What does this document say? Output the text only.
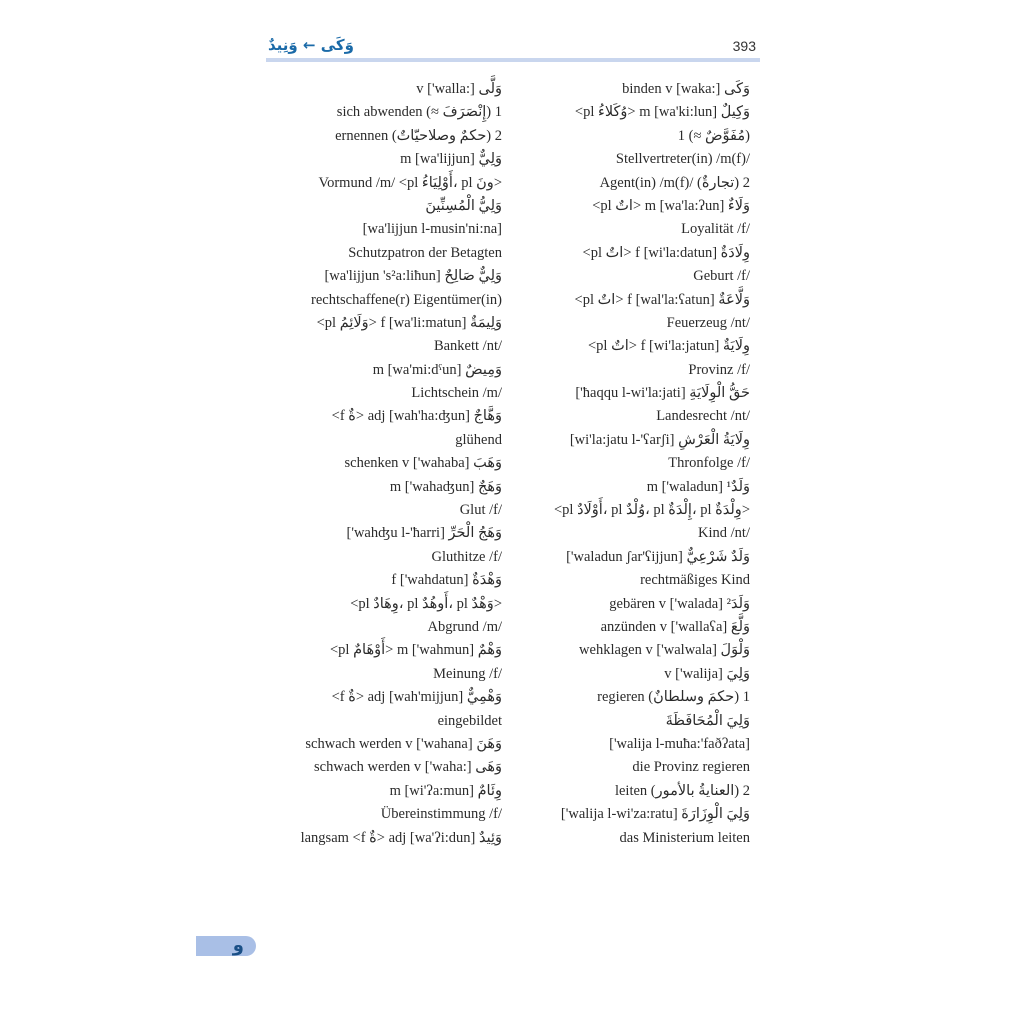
وَكَى ← وَنِيدٌ	393
binden v [waka:] وَكَى
<pl وُكَلاءُ> m [wa'ki:lun] وَكِيلٌ
1 (≈ مُفَوَّضٌ)
Stellvertreter(in) /m(f)/
Agent(in) /m(f)/ (تجارةٌ) 2
<pl اتٌ> m [wa'la:ʔun] وَلَاءٌ
Loyalität /f/
<pl اتٌ> f [wi'la:datun] وِلَادَةٌ
Geburt /f/
<pl اتٌ> f [wal'la:ʕatun] وَلَّاعَةٌ
Feuerzeug /nt/
<pl اتٌ> f [wi'la:jatun] وِلَايَةٌ
Provinz /f/
['ħaqqu l-wi'la:jati] حَقُّ الْوِلَايَةِ
Landesrecht /nt/
[wi'la:jatu l-'ʕarʃi] وِلَايَةُ الْعَرْشِ
Thronfolge /f/
m ['waladun] وَلَدٌ¹
<pl أَوْلَادٌ، pl وُلْدٌ، pl إِلْدَةٌ، pl وِلْدَةٌ>
Kind /nt/
['waladun ʃar'ʕijjun] وَلَدٌ شَرْعِيٌّ
rechtmäßiges Kind
gebären v ['walada] وَلَدَ²
anzünden v ['wallaʕa] وَلَّعَ
wehklagen v ['walwala] وَلْوَلَ
v ['walija] وَلِيَ
regieren (حكمَ وسلطانٌ) 1
وَلِيَ الْمُحَافَظَةَ
['walija l-muħa:'faðʔata]
die Provinz regieren
leiten (العنايةُ بالأمور) 2
['walija l-wi'za:ratu] وَلِيَ الْوِزَارَةَ
das Ministerium leiten
v ['walla:] وَلَّى
sich abwenden (≈ إِنْصَرَفَ) 1
ernennen (حكمٌ وصلاحيّاتٌ) 2
m [wa'lijjun] وَلِيٌّ
Vormund /m/ <pl أَوْلِيَاءُ، pl ونَ>
وَلِيُّ الْمُسِنِّينَ
[wa'lijjun l-musin'ni:na]
Schutzpatron der Betagten
[wa'lijjun 's²a:liħun] وَلِيٌّ صَالِحٌ
rechtschaffene(r) Eigentümer(in)
<pl وَلَائِمُ> f [wa'li:matun] وَلِيمَةٌ
Bankett /nt/
m [wa'mi:dˤun] وَمِيضٌ
Lichtschein /m/
<f ةٌ> adj [wah'ha:ʤun] وَهَّاجٌ
glühend
schenken v ['wahaba] وَهَبَ
m ['wahaʤun] وَهَجٌ
Glut /f/
['wahʤu l-'ħarri] وَهَجُ الْحَرِّ
Gluthitze /f/
f ['wahdatun] وَهْدَةٌ
<pl وِهَادٌ، pl أَوهُدٌ، pl وَهْدٌ>
Abgrund /m/
<pl أَوْهَامٌ> m ['wahmun] وَهْمٌ
Meinung /f/
<f ةٌ> adj [wah'mijjun] وَهْمِيٌّ
eingebildet
schwach werden v ['wahana] وَهَنَ
schwach werden v ['waha:] وَهَى
m [wi'ʔa:mun] وِئَامٌ
Übereinstimmung /f/
langsam <f ةٌ> adj [wa'ʔi:dun] وَئِيدٌ
و
